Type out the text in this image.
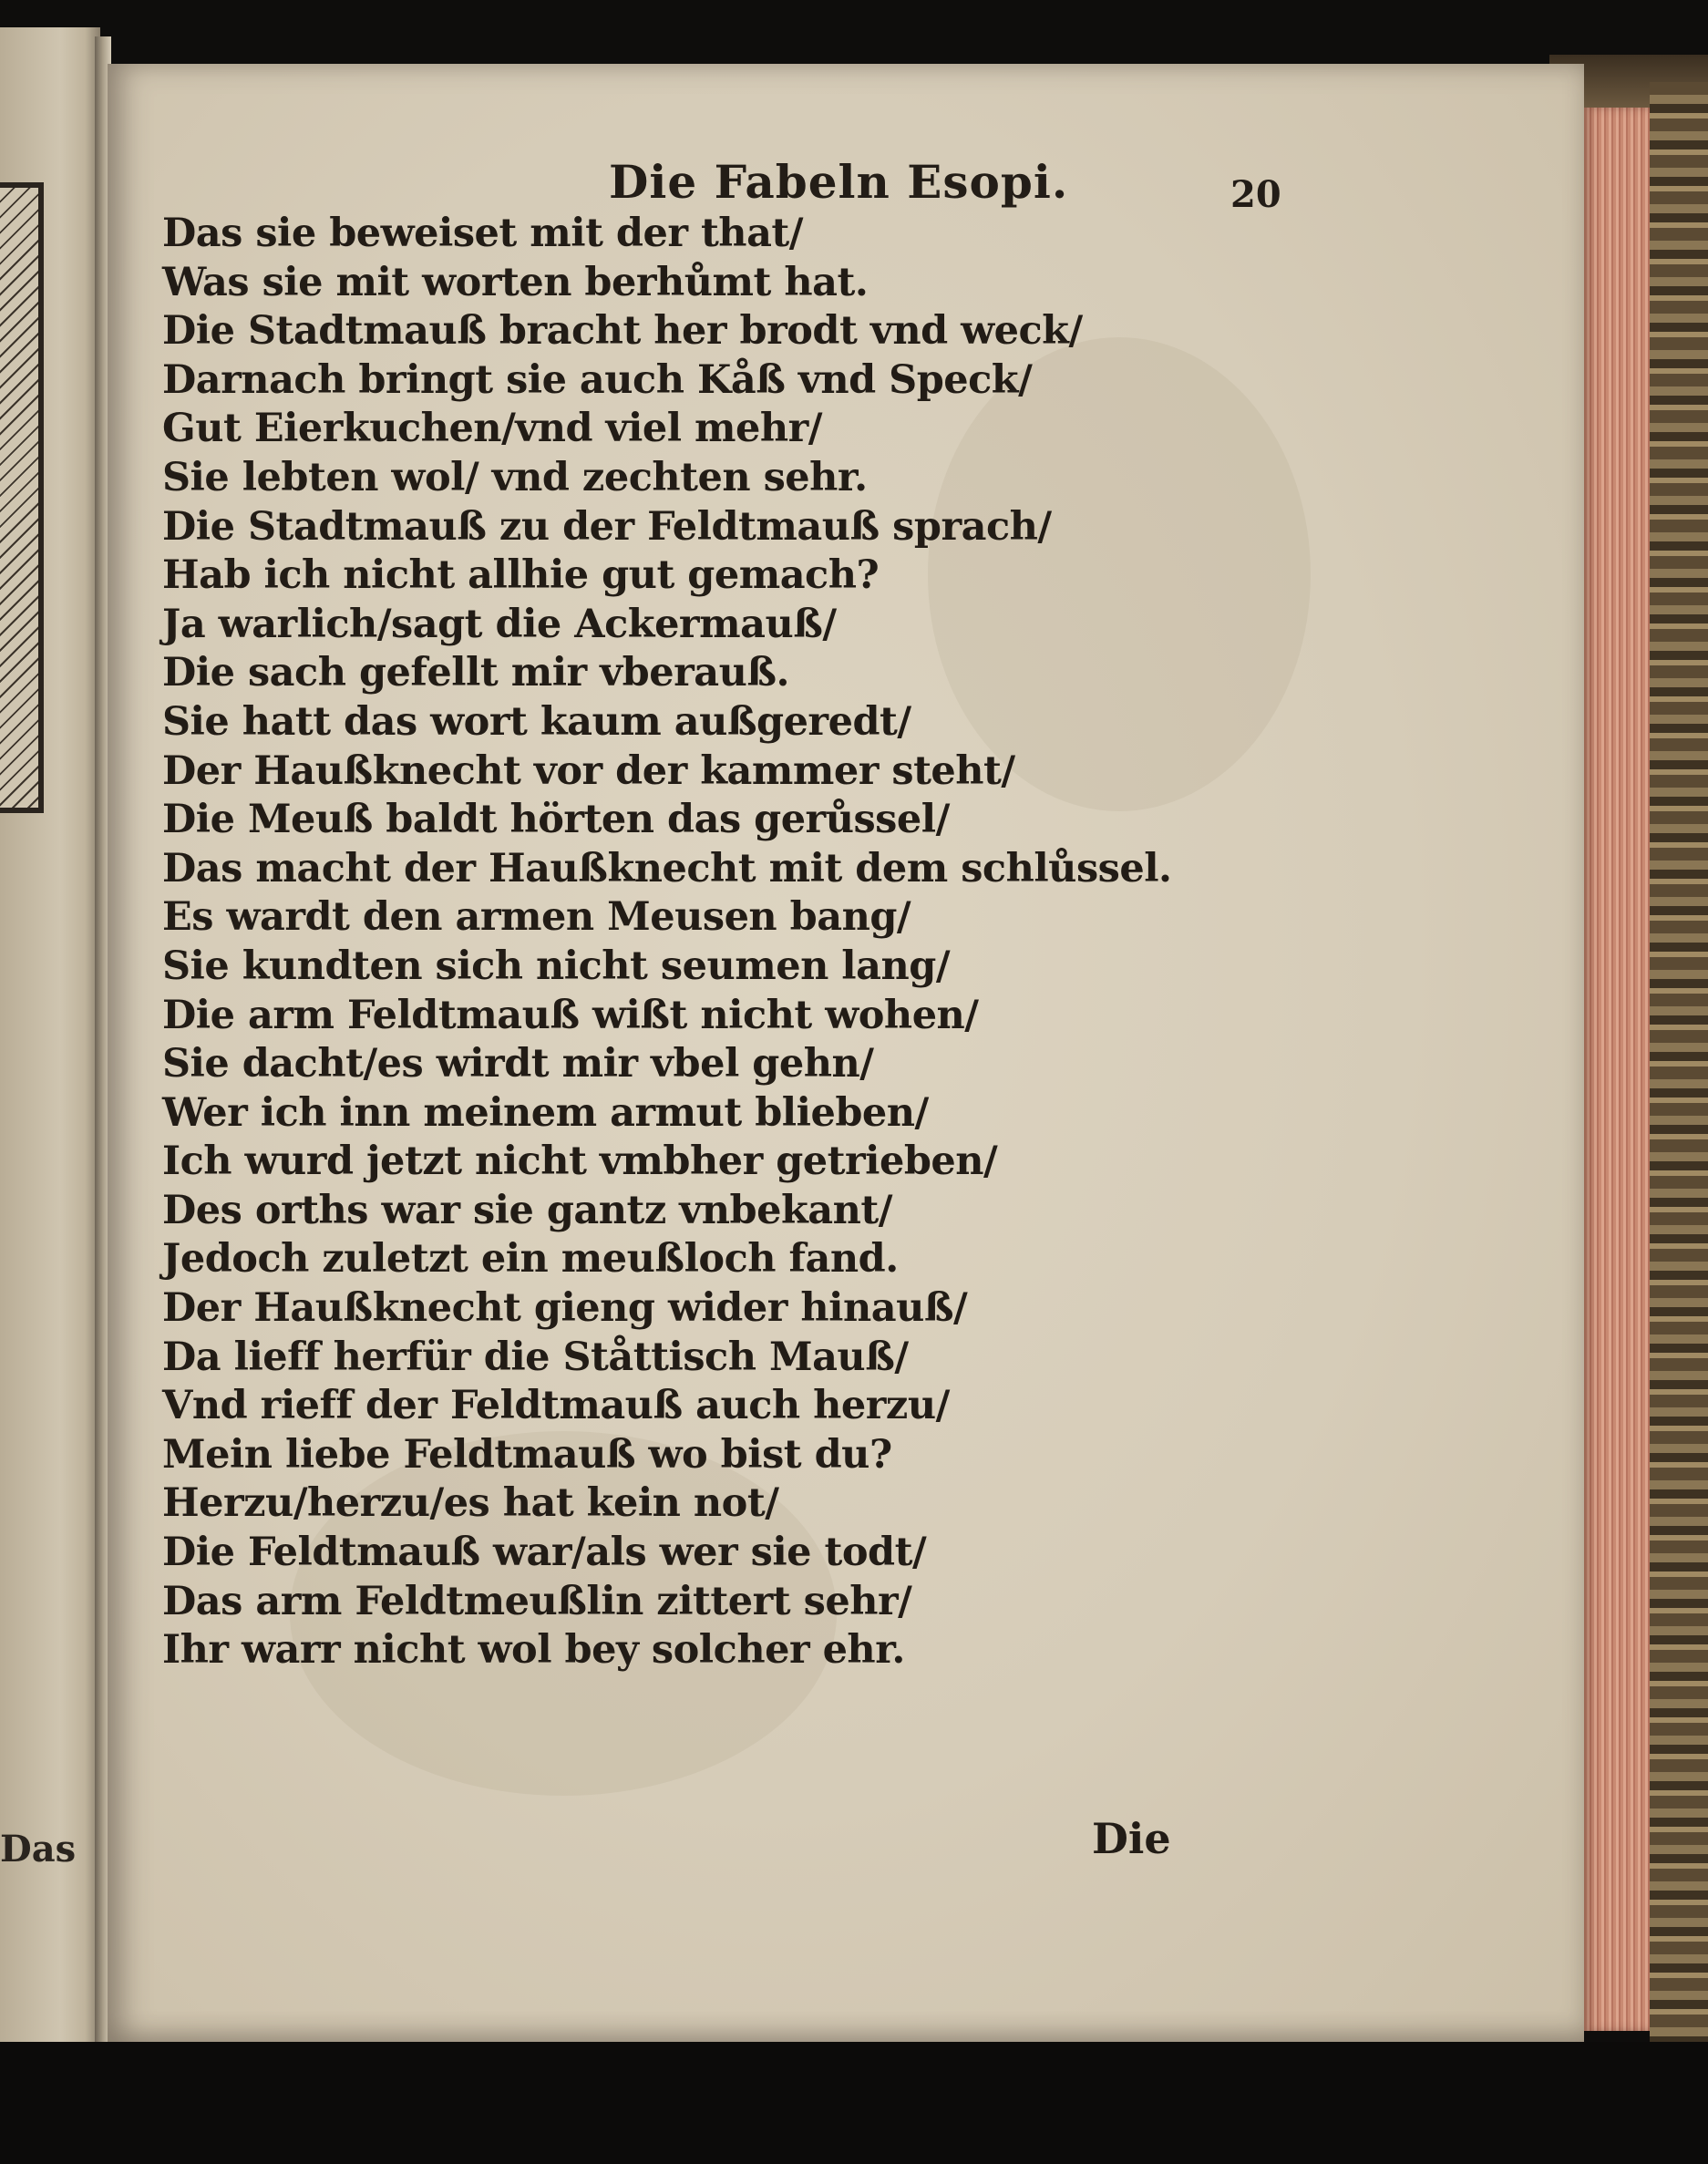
Das
Die Fabeln Esopi.	20
Das sie beweiset mit der that/
Was sie mit worten berhůmt hat.
Die Stadtmauß bracht her brodt vnd weck/
Darnach bringt sie auch Kåß vnd Speck/
Gut Eierkuchen/vnd viel mehr/
Sie lebten wol/ vnd zechten sehr.
Die Stadtmauß zu der Feldtmauß sprach/
Hab ich nicht allhie gut gemach?
Ja warlich/sagt die Ackermauß/
Die sach gefellt mir vberauß.
Sie hatt das wort kaum außgeredt/
Der Haußknecht vor der kammer steht/
Die Meuß baldt hörten das gerůssel/
Das macht der Haußknecht mit dem schlůssel.
Es wardt den armen Meusen bang/
Sie kundten sich nicht seumen lang/
Die arm Feldtmauß wißt nicht wohen/
Sie dacht/es wirdt mir vbel gehn/
Wer ich inn meinem armut blieben/
Ich wurd jetzt nicht vmbher getrieben/
Des orths war sie gantz vnbekant/
Jedoch zuletzt ein meußloch fand.
Der Haußknecht gieng wider hinauß/
Da lieff herfür die Ståttisch Mauß/
Vnd rieff der Feldtmauß auch herzu/
Mein liebe Feldtmauß wo bist du?
Herzu/herzu/es hat kein not/
Die Feldtmauß war/als wer sie todt/
Das arm Feldtmeußlin zittert sehr/
Ihr warr nicht wol bey solcher ehr.
Die
